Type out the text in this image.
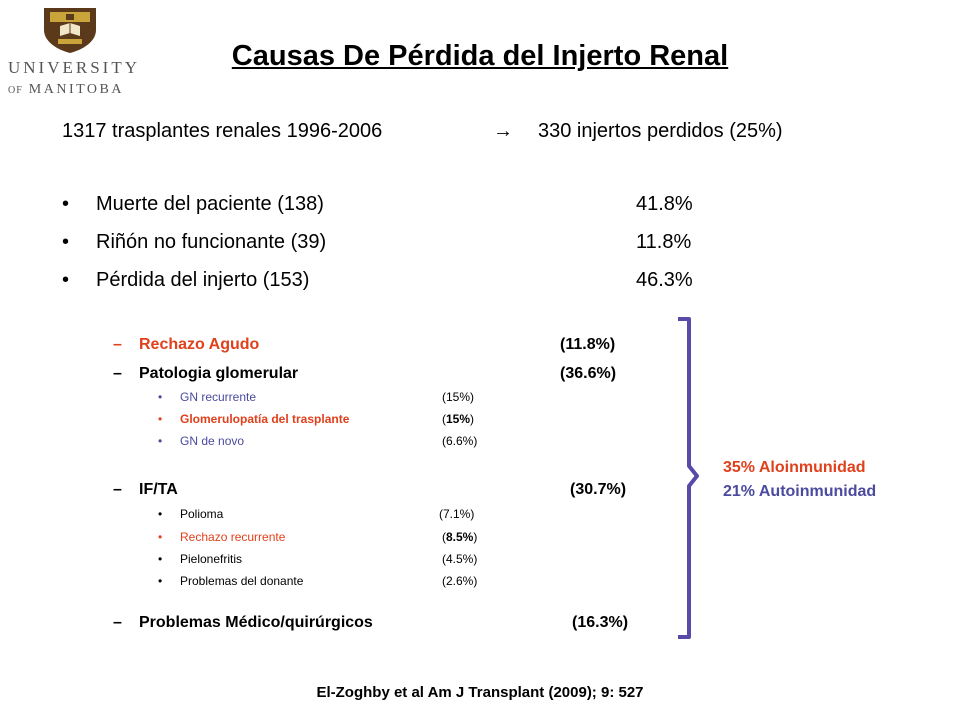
UNIVERSITY
OF MANITOBA
Causas De Pérdida del Injerto Renal
1317 trasplantes renales 1996-2006	→ 330 injertos perdidos (25%)
• Muerte del paciente (138)	41.8%
• Riñón no funcionante (39)	11.8%
• Pérdida del injerto (153)	46.3%
– Rechazo Agudo	(11.8%)
– Patologia glomerular	(36.6%)
• GN recurrente	(15%)
• Glomerulopatía del trasplante	(15%)
• GN de novo	(6.6%)
– IF/TA	(30.7%)
• Polioma	(7.1%)
• Rechazo recurrente	(8.5%)
• Pielonefritis	(4.5%)
• Problemas del donante	(2.6%)
– Problemas Médico/quirúrgicos	(16.3%)
35% Aloinmunidad
21% Autoinmunidad
El-Zoghby et al Am J Transplant (2009); 9: 527
